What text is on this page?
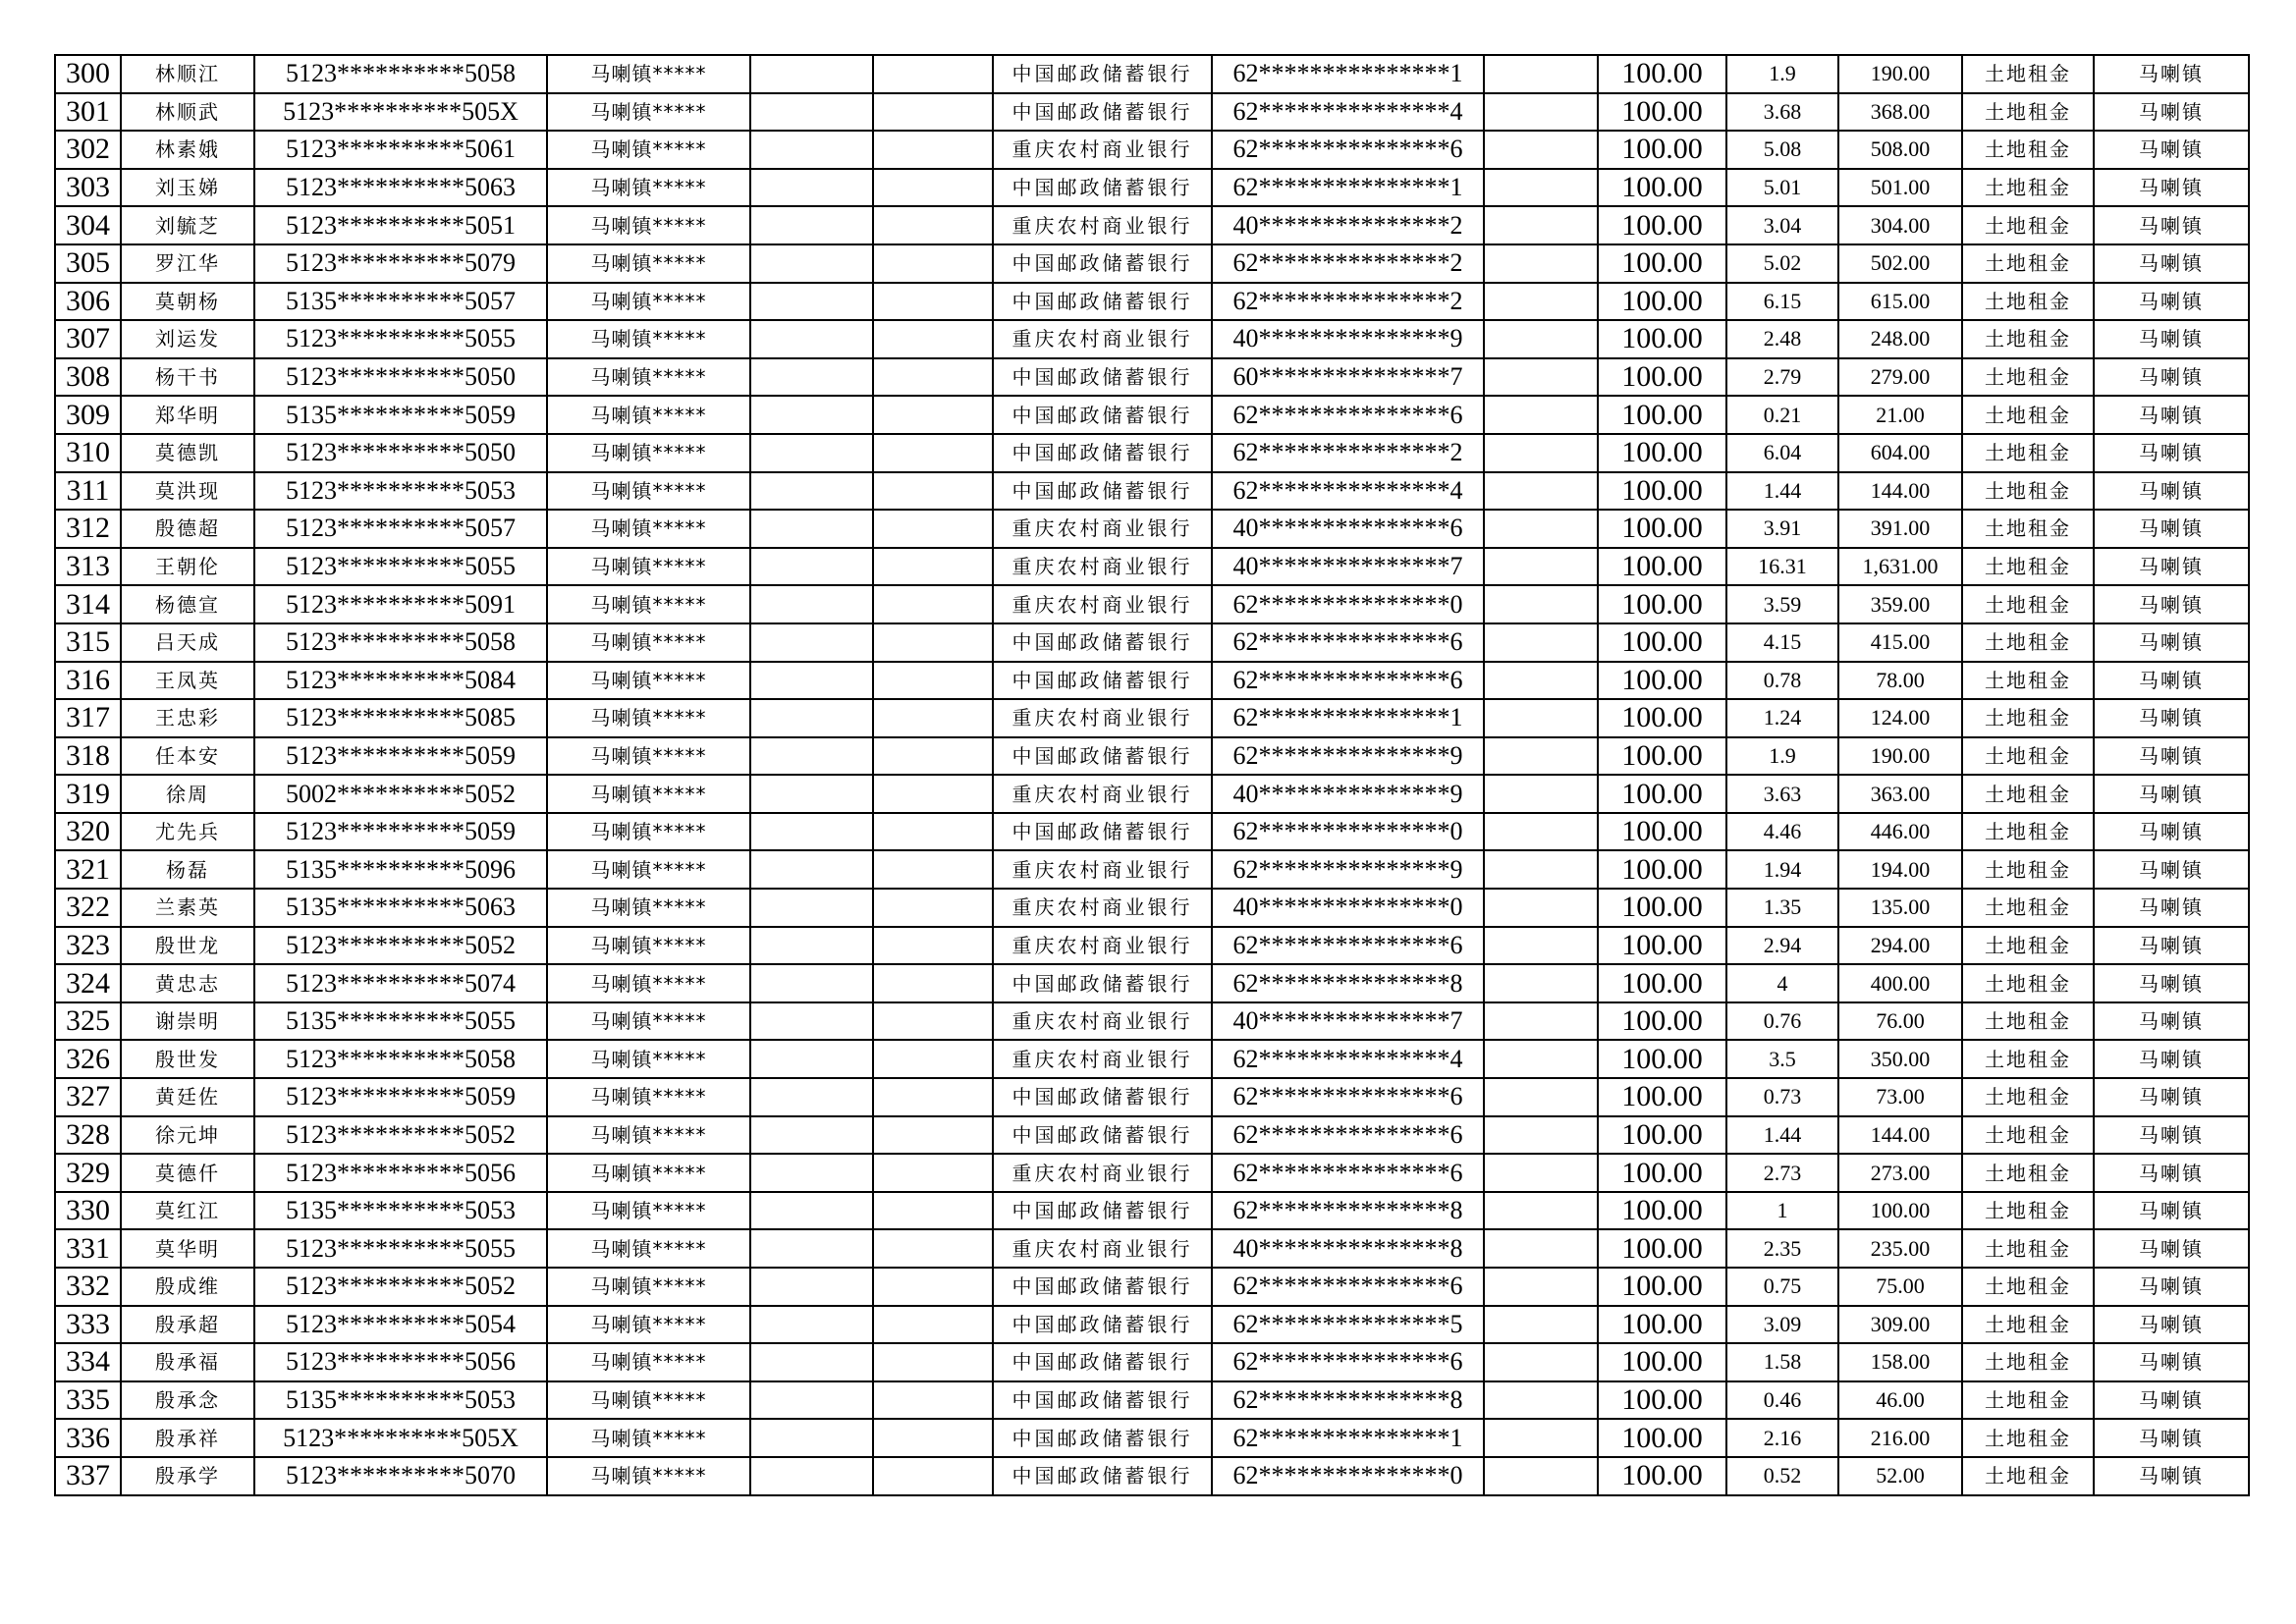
300	林顺江	5123**********5058	马喇镇*****			中国邮政储蓄银行	62***************1		100.00	1.9	190.00	土地租金	马喇镇
301	林顺武	5123**********505X	马喇镇*****			中国邮政储蓄银行	62***************4		100.00	3.68	368.00	土地租金	马喇镇
302	林素娥	5123**********5061	马喇镇*****			重庆农村商业银行	62***************6		100.00	5.08	508.00	土地租金	马喇镇
303	刘玉娣	5123**********5063	马喇镇*****			中国邮政储蓄银行	62***************1		100.00	5.01	501.00	土地租金	马喇镇
304	刘毓芝	5123**********5051	马喇镇*****			重庆农村商业银行	40***************2		100.00	3.04	304.00	土地租金	马喇镇
305	罗江华	5123**********5079	马喇镇*****			中国邮政储蓄银行	62***************2		100.00	5.02	502.00	土地租金	马喇镇
306	莫朝杨	5135**********5057	马喇镇*****			中国邮政储蓄银行	62***************2		100.00	6.15	615.00	土地租金	马喇镇
307	刘运发	5123**********5055	马喇镇*****			重庆农村商业银行	40***************9		100.00	2.48	248.00	土地租金	马喇镇
308	杨干书	5123**********5050	马喇镇*****			中国邮政储蓄银行	60***************7		100.00	2.79	279.00	土地租金	马喇镇
309	郑华明	5135**********5059	马喇镇*****			中国邮政储蓄银行	62***************6		100.00	0.21	21.00	土地租金	马喇镇
310	莫德凯	5123**********5050	马喇镇*****			中国邮政储蓄银行	62***************2		100.00	6.04	604.00	土地租金	马喇镇
311	莫洪现	5123**********5053	马喇镇*****			中国邮政储蓄银行	62***************4		100.00	1.44	144.00	土地租金	马喇镇
312	殷德超	5123**********5057	马喇镇*****			重庆农村商业银行	40***************6		100.00	3.91	391.00	土地租金	马喇镇
313	王朝伦	5123**********5055	马喇镇*****			重庆农村商业银行	40***************7		100.00	16.31	1,631.00	土地租金	马喇镇
314	杨德宣	5123**********5091	马喇镇*****			重庆农村商业银行	62***************0		100.00	3.59	359.00	土地租金	马喇镇
315	吕天成	5123**********5058	马喇镇*****			中国邮政储蓄银行	62***************6		100.00	4.15	415.00	土地租金	马喇镇
316	王凤英	5123**********5084	马喇镇*****			中国邮政储蓄银行	62***************6		100.00	0.78	78.00	土地租金	马喇镇
317	王忠彩	5123**********5085	马喇镇*****			重庆农村商业银行	62***************1		100.00	1.24	124.00	土地租金	马喇镇
318	任本安	5123**********5059	马喇镇*****			中国邮政储蓄银行	62***************9		100.00	1.9	190.00	土地租金	马喇镇
319	徐周	5002**********5052	马喇镇*****			重庆农村商业银行	40***************9		100.00	3.63	363.00	土地租金	马喇镇
320	尤先兵	5123**********5059	马喇镇*****			中国邮政储蓄银行	62***************0		100.00	4.46	446.00	土地租金	马喇镇
321	杨磊	5135**********5096	马喇镇*****			重庆农村商业银行	62***************9		100.00	1.94	194.00	土地租金	马喇镇
322	兰素英	5135**********5063	马喇镇*****			重庆农村商业银行	40***************0		100.00	1.35	135.00	土地租金	马喇镇
323	殷世龙	5123**********5052	马喇镇*****			重庆农村商业银行	62***************6		100.00	2.94	294.00	土地租金	马喇镇
324	黄忠志	5123**********5074	马喇镇*****			中国邮政储蓄银行	62***************8		100.00	4	400.00	土地租金	马喇镇
325	谢崇明	5135**********5055	马喇镇*****			重庆农村商业银行	40***************7		100.00	0.76	76.00	土地租金	马喇镇
326	殷世发	5123**********5058	马喇镇*****			重庆农村商业银行	62***************4		100.00	3.5	350.00	土地租金	马喇镇
327	黄廷佐	5123**********5059	马喇镇*****			中国邮政储蓄银行	62***************6		100.00	0.73	73.00	土地租金	马喇镇
328	徐元坤	5123**********5052	马喇镇*****			中国邮政储蓄银行	62***************6		100.00	1.44	144.00	土地租金	马喇镇
329	莫德仟	5123**********5056	马喇镇*****			重庆农村商业银行	62***************6		100.00	2.73	273.00	土地租金	马喇镇
330	莫红江	5135**********5053	马喇镇*****			中国邮政储蓄银行	62***************8		100.00	1	100.00	土地租金	马喇镇
331	莫华明	5123**********5055	马喇镇*****			重庆农村商业银行	40***************8		100.00	2.35	235.00	土地租金	马喇镇
332	殷成维	5123**********5052	马喇镇*****			中国邮政储蓄银行	62***************6		100.00	0.75	75.00	土地租金	马喇镇
333	殷承超	5123**********5054	马喇镇*****			中国邮政储蓄银行	62***************5		100.00	3.09	309.00	土地租金	马喇镇
334	殷承福	5123**********5056	马喇镇*****			中国邮政储蓄银行	62***************6		100.00	1.58	158.00	土地租金	马喇镇
335	殷承念	5135**********5053	马喇镇*****			中国邮政储蓄银行	62***************8		100.00	0.46	46.00	土地租金	马喇镇
336	殷承祥	5123**********505X	马喇镇*****			中国邮政储蓄银行	62***************1		100.00	2.16	216.00	土地租金	马喇镇
337	殷承学	5123**********5070	马喇镇*****			中国邮政储蓄银行	62***************0		100.00	0.52	52.00	土地租金	马喇镇
